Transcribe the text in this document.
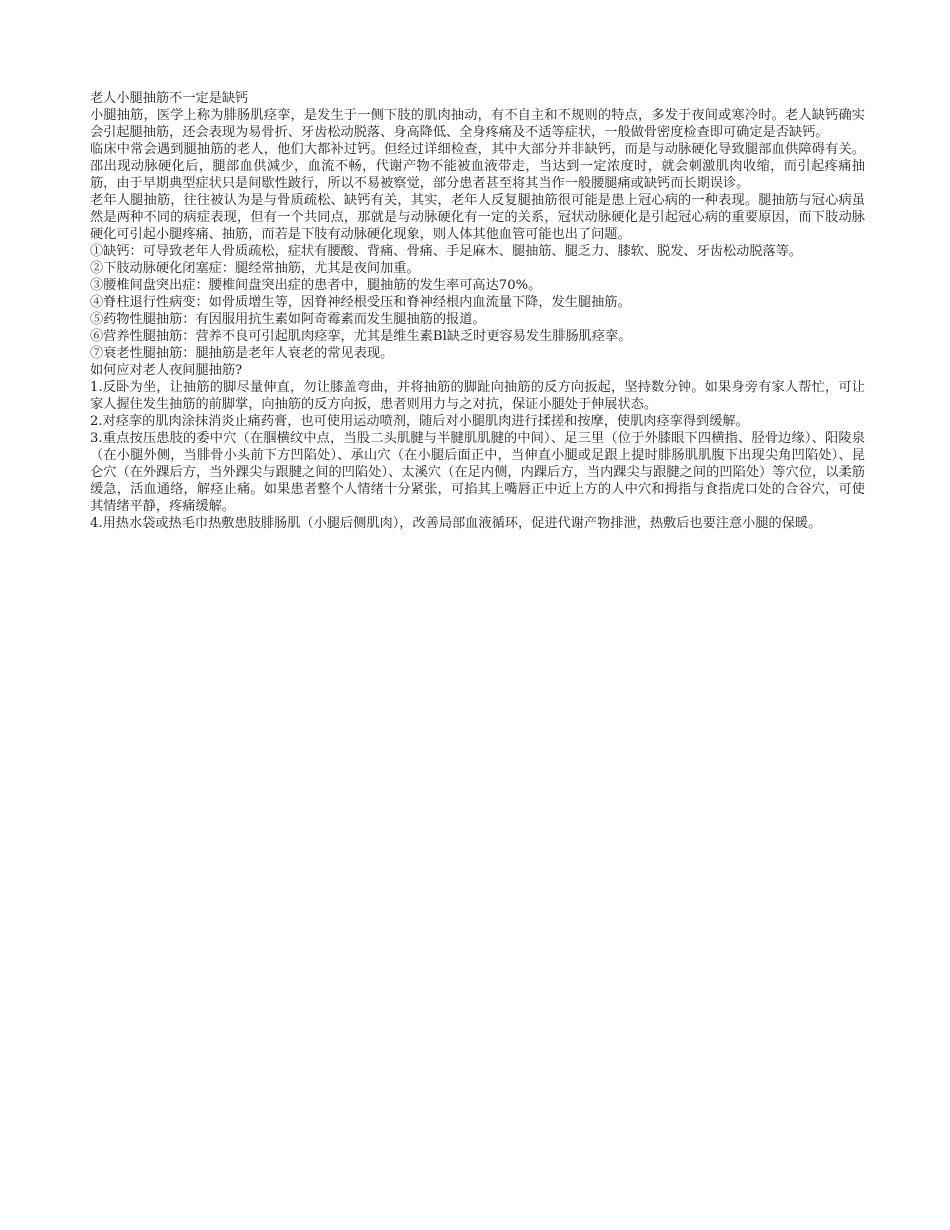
老人小腿抽筋不一定是缺钙

小腿抽筋，医学上称为腓肠肌痉挛，是发生于一侧下肢的肌肉抽动，有不自主和不规则的特点，多发于夜间或寒冷时。老人缺钙确实会引起腿抽筋，还会表现为易骨折、牙齿松动脱落、身高降低、全身疼痛及不适等症状，一般做骨密度检查即可确定是否缺钙。

临床中常会遇到腿抽筋的老人，他们大都补过钙。但经过详细检查，其中大部分并非缺钙，而是与动脉硬化导致腿部血供障碍有关。邵出现动脉硬化后，腿部血供減少，血流不畅，代谢产物不能被血液带走，当达到一定浓度时，就会刺激肌肉收缩，而引起疼痛抽筋，由于早期典型症状只是间歇性跛行，所以不易被察觉，部分患者甚至将其当作一般腰腿痛或缺钙而长期误诊。

老年人腿抽筋，往往被认为是与骨质疏松、缺钙有关，其实，老年人反复腿抽筋很可能是患上冠心病的一种表现。腿抽筋与冠心病虽然是两种不同的病症表现，但有一个共同点，那就是与动脉硬化有一定的关系，冠状动脉硬化是引起冠心病的重要原因，而下肢动脉硬化可引起小腿疼痛、抽筋，而若是下肢有动脉硬化现象，则人体其他血管可能也出了问题。

①缺钙：可导致老年人骨质疏松，症状有腰酸、背痛、骨痛、手足麻木、腿抽筋、腿乏力、膝软、脱发、牙齿松动脱落等。

②下肢动脉硬化闭塞症：腿经常抽筋，尤其是夜间加重。

③腰椎间盘突出症：腰椎间盘突出症的患者中，腿抽筋的发生率可高达70%。

④脊柱退行性病变：如骨质增生等，因脊神经根受压和脊神经根内血流量下降，发生腿抽筋。

⑤药物性腿抽筋：有因服用抗生素如阿奇霉素而发生腿抽筋的报道。

⑥营养性腿抽筋：营养不良可引起肌肉痉挛，尤其是维生素Bl缺乏时更容易发生腓肠肌痉挛。

⑦衰老性腿抽筋：腿抽筋是老年人衰老的常见表现。

如何应对老人夜间腿抽筋?

1.反卧为坐，让抽筋的脚尽量伸直，勿让膝盖弯曲，并将抽筋的脚趾向抽筋的反方向扳起，坚持数分钟。如果身旁有家人帮忙，可让家人握住发生抽筋的前脚掌，向抽筋的反方向扳，患者则用力与之对抗，保证小腿处于伸展状态。

2.对痉挛的肌肉涂抹消炎止痛药膏，也可使用运动喷剂，随后对小腿肌肉进行揉搓和按摩，使肌肉痉挛得到缓解。

3.重点按压患肢的委中穴（在腘横纹中点，当股二头肌腱与半腱肌肌腱的中间）、足三里（位于外膝眼下四横指、胫骨边缘）、阳陵泉（在小腿外侧，当腓骨小头前下方凹陷处）、承山穴（在小腿后面正中，当伸直小腿或足跟上提时腓肠肌肌腹下出现尖角凹陷处）、昆仑穴（在外踝后方，当外踝尖与跟腱之间的凹陷处）、太溪穴（在足内侧，内踝后方，当内踝尖与跟腱之间的凹陷处）等穴位，以柔筋缓急，活血通络，解痉止痛。如果患者整个人情绪十分紧张，可掐其上嘴唇正中近上方的人中穴和拇指与食指虎口处的合谷穴，可使其情绪平静，疼痛缓解。

4.用热水袋或热毛巾热敷患肢腓肠肌（小腿后侧肌肉），改善局部血液循环，促进代谢产物排泄，热敷后也要注意小腿的保暖。
